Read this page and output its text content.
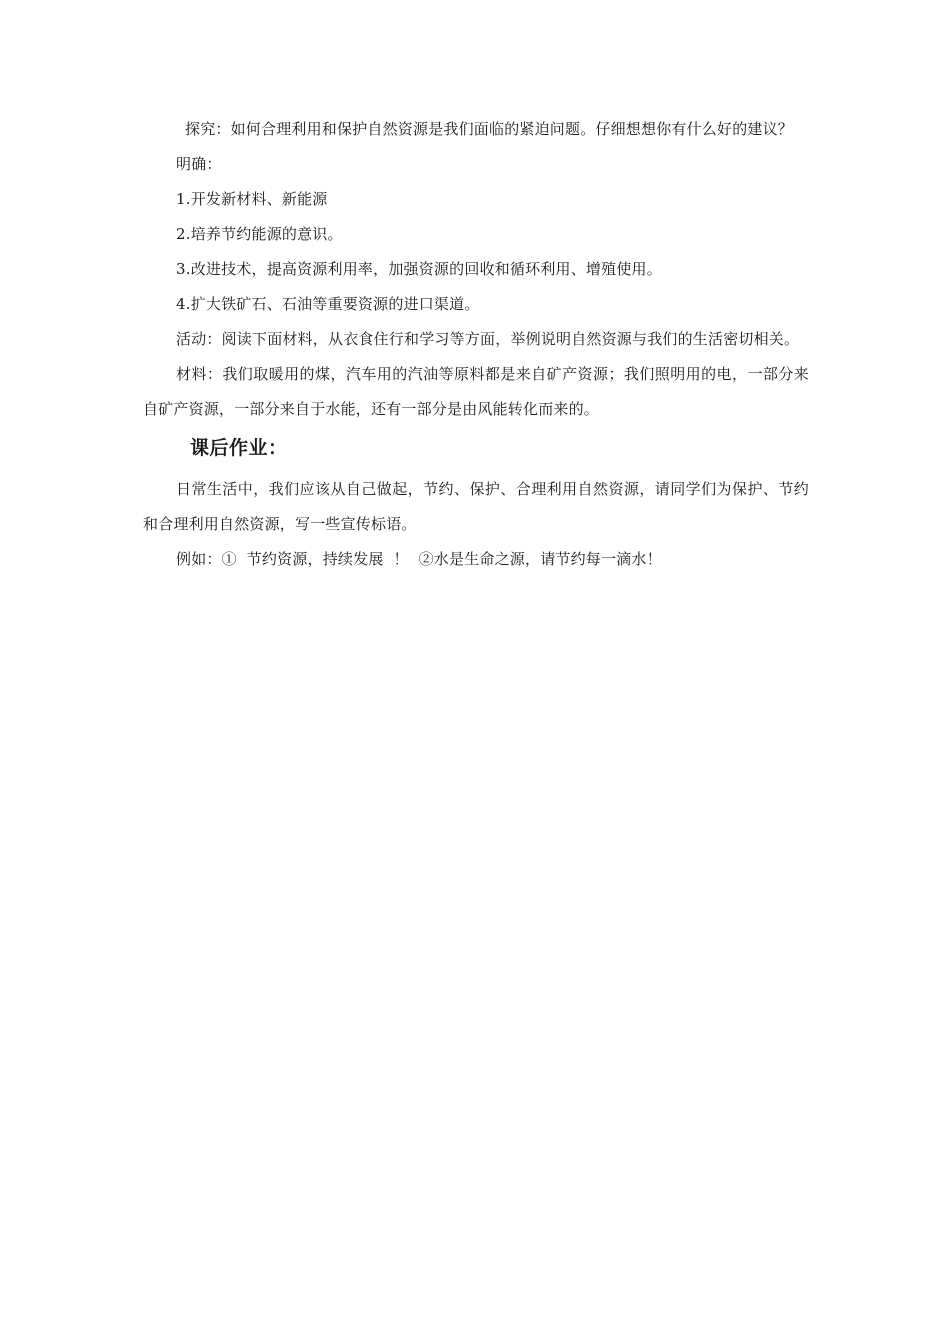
探究：如何合理利用和保护自然资源是我们面临的紧迫问题。仔细想想你有什么好的建议？

明确：

1.开发新材料、新能源

2.培养节约能源的意识。

3.改进技术，提高资源利用率，加强资源的回收和循环利用、增殖使用。

4.扩大铁矿石、石油等重要资源的进口渠道。

活动：阅读下面材料，从衣食住行和学习等方面，举例说明自然资源与我们的生活密切相关。

材料：我们取暖用的煤，汽车用的汽油等原料都是来自矿产资源；我们照明用的电，一部分来自矿产资源，一部分来自于水能，还有一部分是由风能转化而来的。

课后作业：

日常生活中，我们应该从自己做起，节约、保护、合理利用自然资源，请同学们为保护、节约和合理利用自然资源，写一些宣传标语。

例如：①  节约资源，持续发展  ！  ②水是生命之源，请节约每一滴水！
